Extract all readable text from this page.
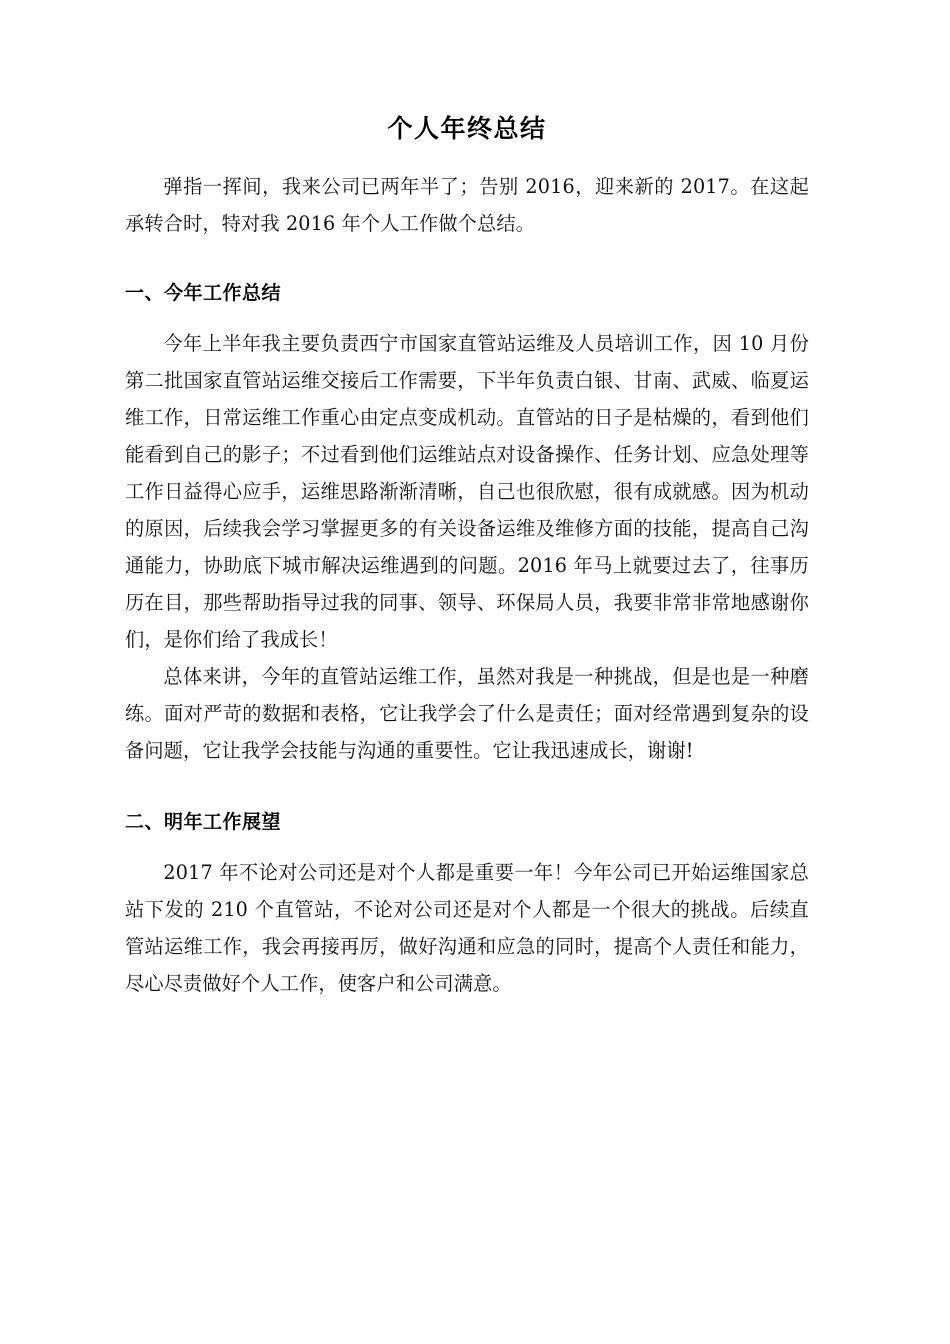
个人年终总结

弹指一挥间，我来公司已两年半了；告别 2016，迎来新的 2017。在这起承转合时，特对我 2016 年个人工作做个总结。

一、今年工作总结

今年上半年我主要负责西宁市国家直管站运维及人员培训工作，因 10 月份第二批国家直管站运维交接后工作需要，下半年负责白银、甘南、武威、临夏运维工作，日常运维工作重心由定点变成机动。直管站的日子是枯燥的，看到他们能看到自己的影子；不过看到他们运维站点对设备操作、任务计划、应急处理等工作日益得心应手，运维思路渐渐清晰，自己也很欣慰，很有成就感。因为机动的原因，后续我会学习掌握更多的有关设备运维及维修方面的技能，提高自己沟通能力，协助底下城市解决运维遇到的问题。2016 年马上就要过去了，往事历历在目，那些帮助指导过我的同事、领导、环保局人员，我要非常非常地感谢你们，是你们给了我成长！

总体来讲，今年的直管站运维工作，虽然对我是一种挑战，但是也是一种磨练。面对严苛的数据和表格，它让我学会了什么是责任；面对经常遇到复杂的设备问题，它让我学会技能与沟通的重要性。它让我迅速成长，谢谢!

二、明年工作展望

2017 年不论对公司还是对个人都是重要一年！今年公司已开始运维国家总站下发的 210 个直管站，不论对公司还是对个人都是一个很大的挑战。后续直管站运维工作，我会再接再厉，做好沟通和应急的同时，提高个人责任和能力，尽心尽责做好个人工作，使客户和公司满意。
